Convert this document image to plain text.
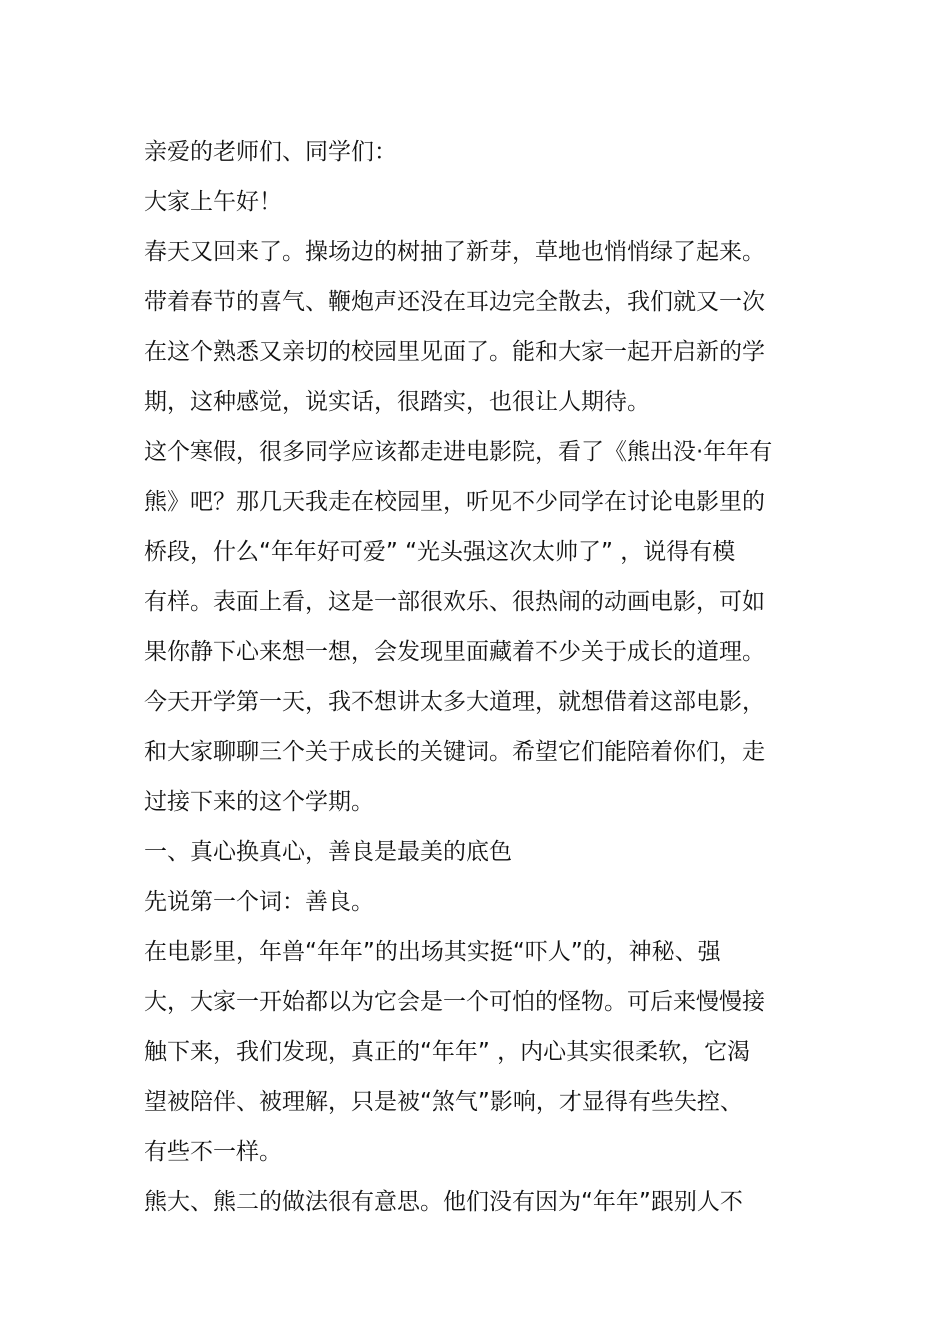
亲爱的老师们、同学们：
大家上午好！
春天又回来了。操场边的树抽了新芽，草地也悄悄绿了起来。
带着春节的喜气、鞭炮声还没在耳边完全散去，我们就又一次
在这个熟悉又亲切的校园里见面了。能和大家一起开启新的学
期，这种感觉，说实话，很踏实，也很让人期待。
这个寒假，很多同学应该都走进电影院，看了《熊出没·年年有
熊》吧？那几天我走在校园里，听见不少同学在讨论电影里的
桥段，什么“年年好可爱” “光头强这次太帅了” ，说得有模
有样。表面上看，这是一部很欢乐、很热闹的动画电影，可如
果你静下心来想一想，会发现里面藏着不少关于成长的道理。
今天开学第一天，我不想讲太多大道理，就想借着这部电影，
和大家聊聊三个关于成长的关键词。希望它们能陪着你们，走
过接下来的这个学期。
一、真心换真心，善良是最美的底色
先说第一个词：善良。
在电影里，年兽“年年”的出场其实挺“吓人”的，神秘、强
大，大家一开始都以为它会是一个可怕的怪物。可后来慢慢接
触下来，我们发现，真正的“年年” ，内心其实很柔软，它渴
望被陪伴、被理解，只是被“煞气”影响，才显得有些失控、
有些不一样。
熊大、熊二的做法很有意思。他们没有因为“年年”跟别人不
